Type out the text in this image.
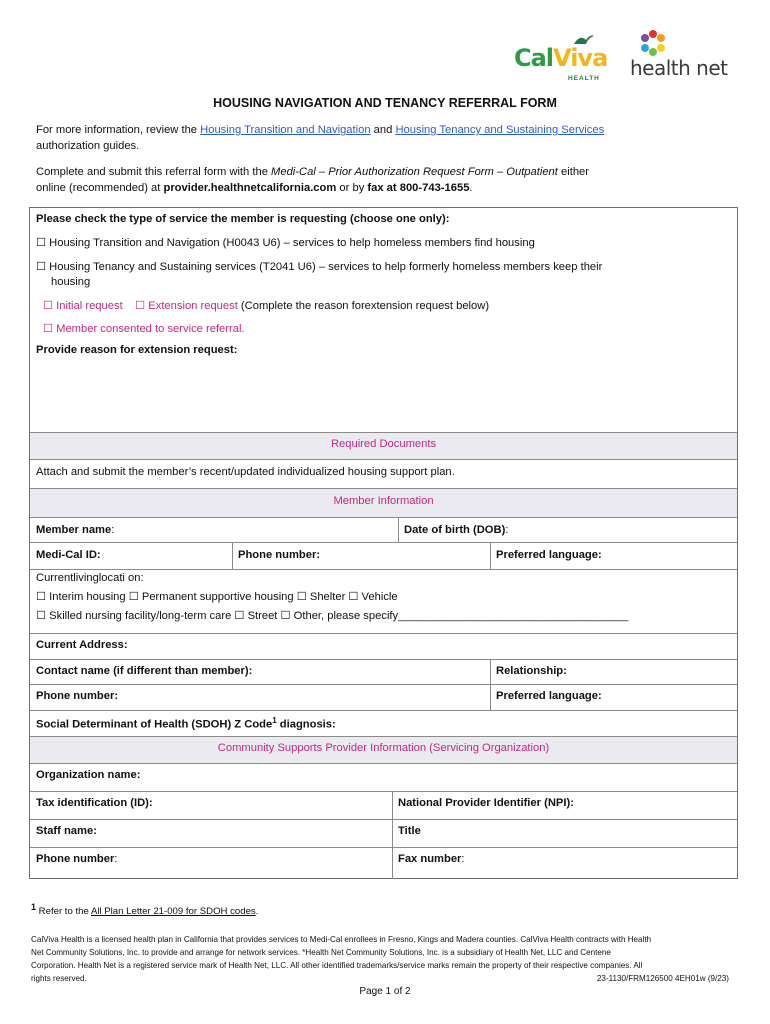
CalViva
HEALTH health net
HOUSING NAVIGATION AND TENANCY REFERRAL FORM
For more information, review the Housing Transition and Navigation and Housing Tenancy and Sustaining Services
authorization guides.
Complete and submit this referral form with the Medi-Cal – Prior Authorization Request Form – Outpatient either
online (recommended) at provider.healthnetcalifornia.com or by fax at 800-743-1655.
Please check the type of service the member is requesting (choose one only):
☐ Housing Transition and Navigation (H0043 U6) – services to help homeless members find housing
☐ Housing Tenancy and Sustaining services (T2041 U6) – services to help formerly homeless members keep their
housing
☐ Initial request ☐ Extension request (Complete the reason forextension request below)
☐ Member consented to service referral.
Provide reason for extension request:
Required Documents
Attach and submit the member’s recent/updated individualized housing support plan.
Member Information
Member name:	Date of birth (DOB):
Medi-Cal ID:	Phone number:	Preferred language:
Currentlivinglocati on:
☐ Interim housing ☐ Permanent supportive housing ☐ Shelter ☐ Vehicle
☐ Skilled nursing facility/long-term care ☐ Street ☐ Other, please specify_____________________________________
Current Address:
Contact name (if different than member):	Relationship:
Phone number:	Preferred language:
Social Determinant of Health (SDOH) Z Code$^1$ diagnosis:
Community Supports Provider Information (Servicing Organization)
Organization name:
Tax identification (ID):	National Provider Identifier (NPI):
Staff name:	Title
Phone number:	Fax number:
$^1$ Refer to the All Plan Letter 21-009 for SDOH codes.
CalViva Health is a licensed health plan in California that provides services to Medi-Cal enrollees in Fresno, Kings and Madera counties. CalViva Health contracts with Health
Net Community Solutions, Inc. to provide and arrange for network services. *Health Net Community Solutions, Inc. is a subsidiary of Health Net, LLC and Centene
Corporation. Health Net is a registered service mark of Health Net, LLC. All other identified trademarks/service marks remain the property of their respective companies. All
rights reserved.	23-1130/FRM126500 4EH01w (9/23)
Page 1 of 2
